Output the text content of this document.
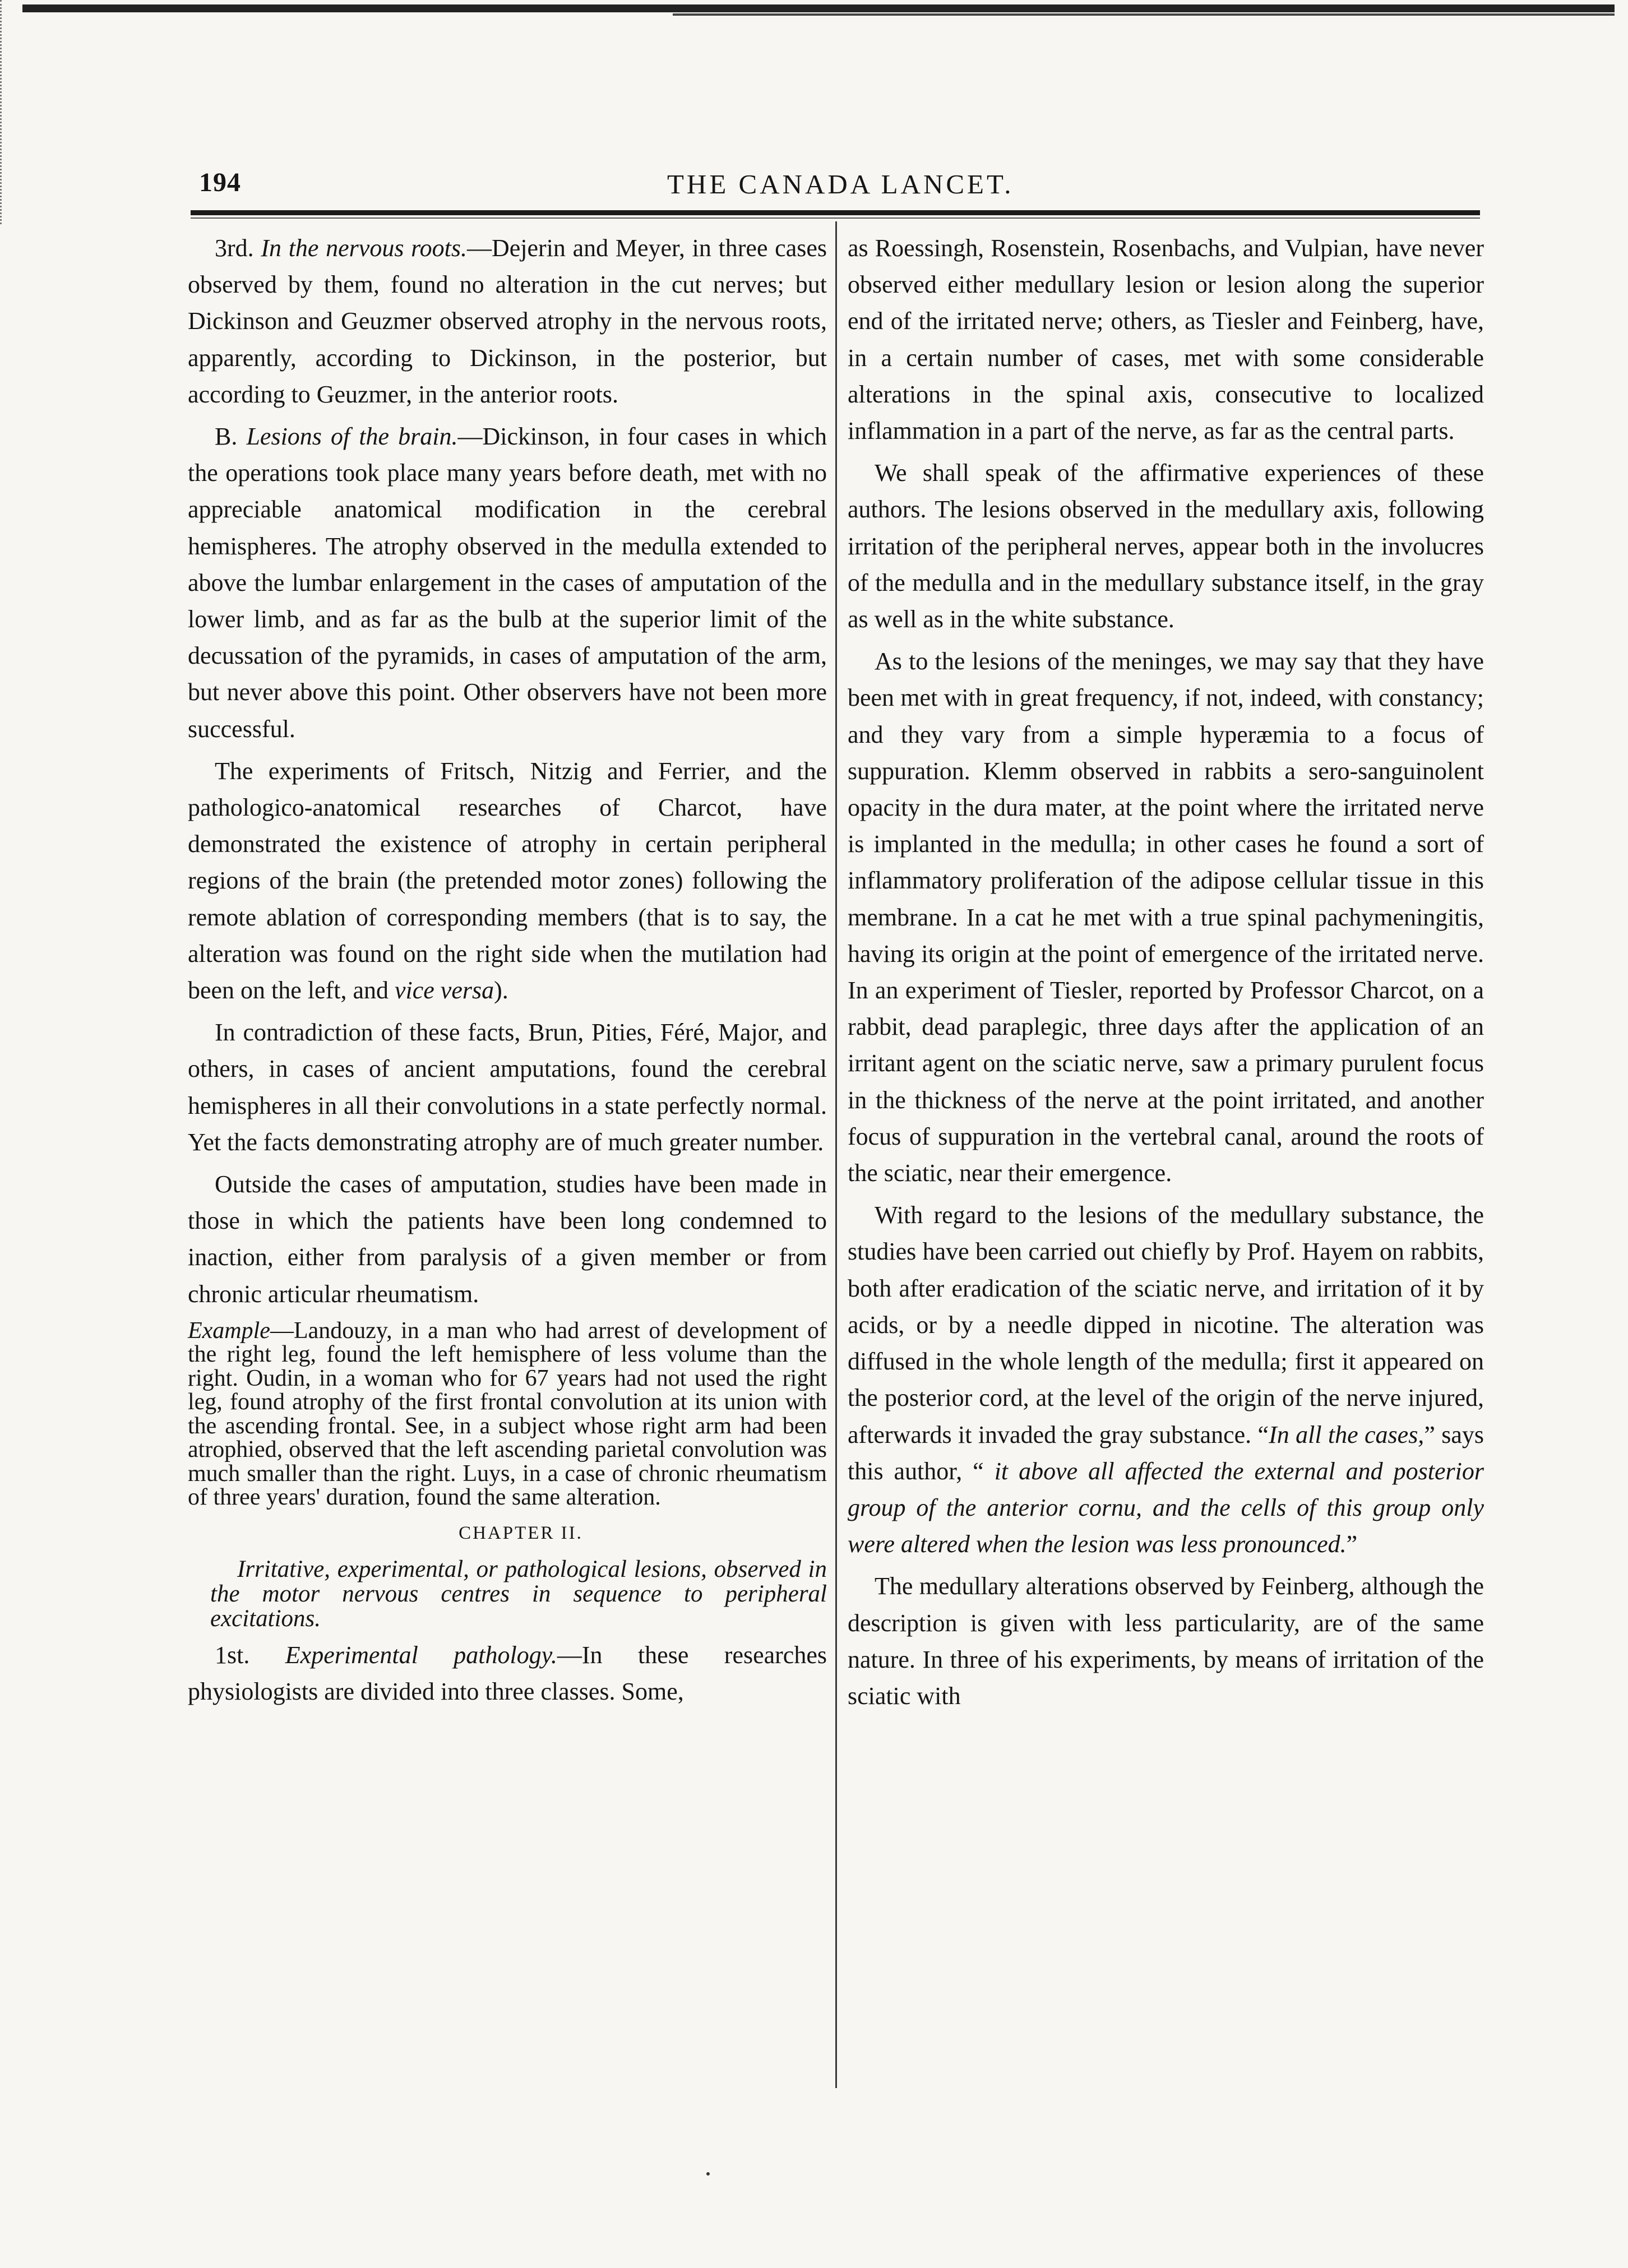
194	THE CANADA LANCET.

3rd. In the nervous roots.—Dejerin and Meyer, in three cases observed by them, found no alteration in the cut nerves; but Dickinson and Geuzmer observed atrophy in the nervous roots, apparently, according to Dickinson, in the posterior, but according to Geuzmer, in the anterior roots.

B. Lesions of the brain.—Dickinson, in four cases in which the operations took place many years before death, met with no appreciable anatomical modification in the cerebral hemispheres. The atrophy observed in the medulla extended to above the lumbar enlargement in the cases of amputation of the lower limb, and as far as the bulb at the superior limit of the decussation of the pyramids, in cases of amputation of the arm, but never above this point. Other observers have not been more successful.

The experiments of Fritsch, Nitzig and Ferrier, and the pathologico-anatomical researches of Charcot, have demonstrated the existence of atrophy in certain peripheral regions of the brain (the pretended motor zones) following the remote ablation of corresponding members (that is to say, the alteration was found on the right side when the mutilation had been on the left, and vice versa).

In contradiction of these facts, Brun, Pities, Féré, Major, and others, in cases of ancient amputations, found the cerebral hemispheres in all their convolutions in a state perfectly normal. Yet the facts demonstrating atrophy are of much greater number.

Outside the cases of amputation, studies have been made in those in which the patients have been long condemned to inaction, either from paralysis of a given member or from chronic articular rheumatism.

Example—Landouzy, in a man who had arrest of development of the right leg, found the left hemisphere of less volume than the right. Oudin, in a woman who for 67 years had not used the right leg, found atrophy of the first frontal convolution at its union with the ascending frontal. See, in a subject whose right arm had been atrophied, observed that the left ascending parietal convolution was much smaller than the right. Luys, in a case of chronic rheumatism of three years' duration, found the same alteration.

CHAPTER II.

Irritative, experimental, or pathological lesions, observed in the motor nervous centres in sequence to peripheral excitations.

1st. Experimental pathology.—In these researches physiologists are divided into three classes. Some,

as Roessingh, Rosenstein, Rosenbachs, and Vulpian, have never observed either medullary lesion or lesion along the superior end of the irritated nerve; others, as Tiesler and Feinberg, have, in a certain number of cases, met with some considerable alterations in the spinal axis, consecutive to localized inflammation in a part of the nerve, as far as the central parts.

We shall speak of the affirmative experiences of these authors. The lesions observed in the medullary axis, following irritation of the peripheral nerves, appear both in the involucres of the medulla and in the medullary substance itself, in the gray as well as in the white substance.

As to the lesions of the meninges, we may say that they have been met with in great frequency, if not, indeed, with constancy; and they vary from a simple hyperæmia to a focus of suppuration. Klemm observed in rabbits a sero-sanguinolent opacity in the dura mater, at the point where the irritated nerve is implanted in the medulla; in other cases he found a sort of inflammatory proliferation of the adipose cellular tissue in this membrane. In a cat he met with a true spinal pachymeningitis, having its origin at the point of emergence of the irritated nerve. In an experiment of Tiesler, reported by Professor Charcot, on a rabbit, dead paraplegic, three days after the application of an irritant agent on the sciatic nerve, saw a primary purulent focus in the thickness of the nerve at the point irritated, and another focus of suppuration in the vertebral canal, around the roots of the sciatic, near their emergence.

With regard to the lesions of the medullary substance, the studies have been carried out chiefly by Prof. Hayem on rabbits, both after eradication of the sciatic nerve, and irritation of it by acids, or by a needle dipped in nicotine. The alteration was diffused in the whole length of the medulla; first it appeared on the posterior cord, at the level of the origin of the nerve injured, afterwards it invaded the gray substance. “In all the cases,” says this author, “ it above all affected the external and posterior group of the anterior cornu, and the cells of this group only were altered when the lesion was less pronounced.”

The medullary alterations observed by Feinberg, although the description is given with less particularity, are of the same nature. In three of his experiments, by means of irritation of the sciatic with
